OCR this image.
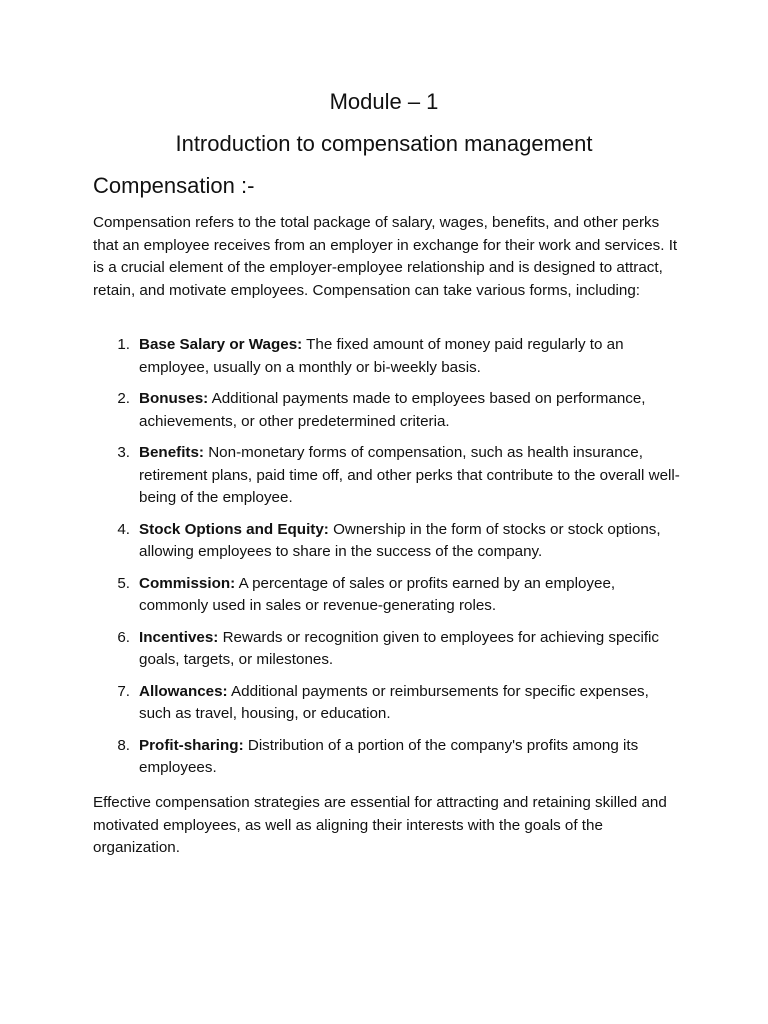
Module – 1
Introduction to compensation management
Compensation :-

Compensation refers to the total package of salary, wages, benefits, and other perks that an employee receives from an employer in exchange for their work and services. It is a crucial element of the employer-employee relationship and is designed to attract, retain, and motivate employees. Compensation can take various forms, including:

1. Base Salary or Wages: The fixed amount of money paid regularly to an employee, usually on a monthly or bi-weekly basis.
2. Bonuses: Additional payments made to employees based on performance, achievements, or other predetermined criteria.
3. Benefits: Non-monetary forms of compensation, such as health insurance, retirement plans, paid time off, and other perks that contribute to the overall well-being of the employee.
4. Stock Options and Equity: Ownership in the form of stocks or stock options, allowing employees to share in the success of the company.
5. Commission: A percentage of sales or profits earned by an employee, commonly used in sales or revenue-generating roles.
6. Incentives: Rewards or recognition given to employees for achieving specific goals, targets, or milestones.
7. Allowances: Additional payments or reimbursements for specific expenses, such as travel, housing, or education.
8. Profit-sharing: Distribution of a portion of the company's profits among its employees.

Effective compensation strategies are essential for attracting and retaining skilled and motivated employees, as well as aligning their interests with the goals of the organization.
